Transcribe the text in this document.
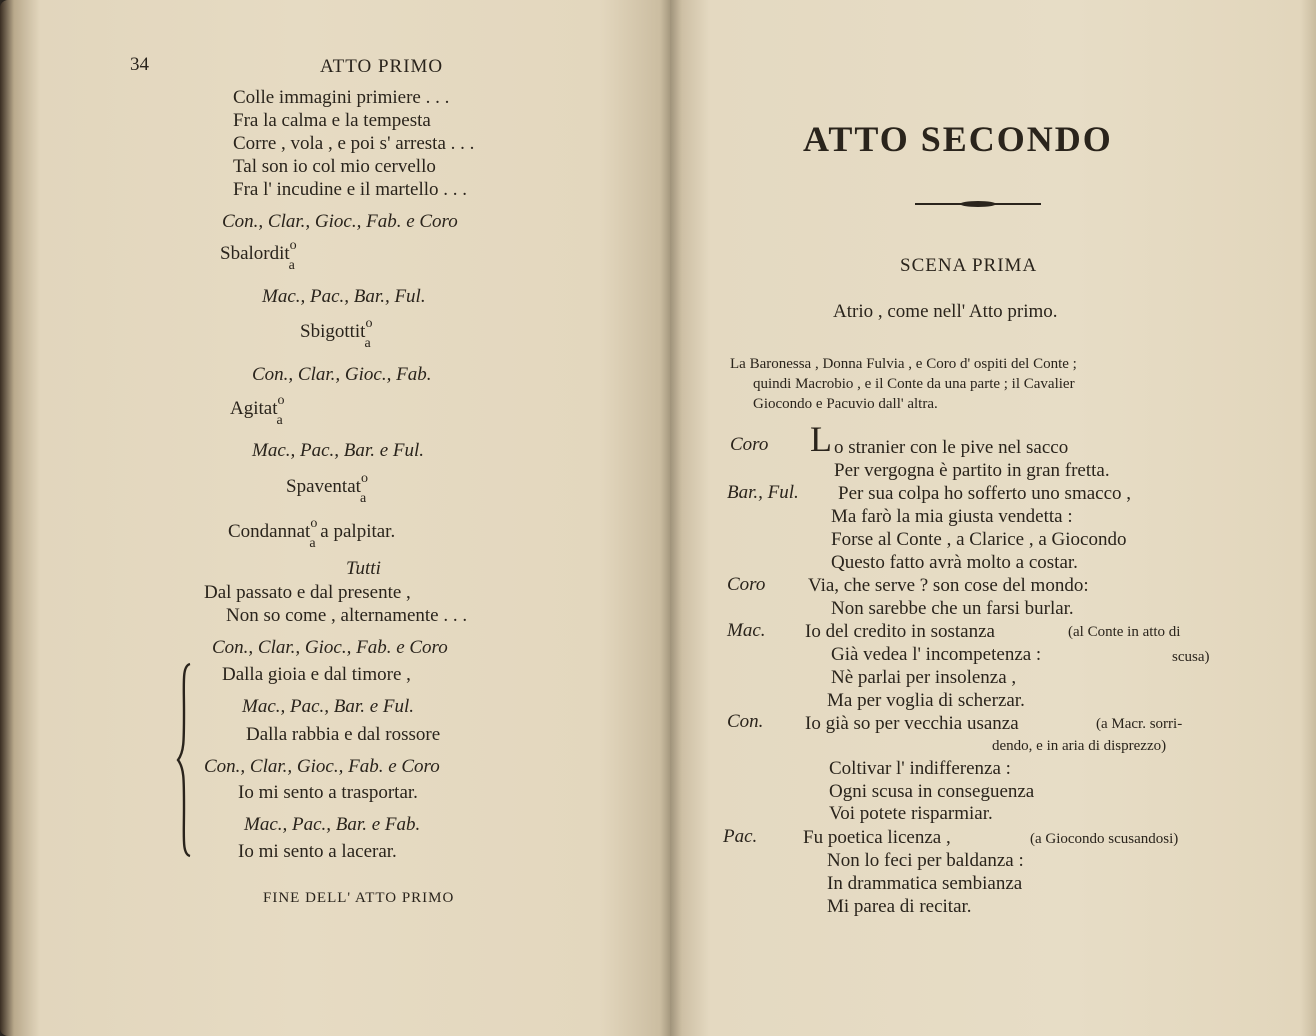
34	ATTO PRIMO
Colle immagini primiere . . .
Fra la calma e la tempesta
Corre , vola , e poi s' arresta . . .
Tal son io col mio cervello
Fra l' incudine e il martello . . .
Con., Clar., Gioc., Fab. e Coro
Sbalordit$^o_a$
Mac., Pac., Bar., Ful.
Sbigottit$^o_a$
Con., Clar., Gioc., Fab.
Agitat$^o_a$
Mac., Pac., Bar. e Ful.
Spaventat$^o_a$
Condannat$^o_a$ a palpitar.
Tutti
Dal passato e dal presente ,
Non so come , alternamente . . .
Con., Clar., Gioc., Fab. e Coro
Dalla gioia e dal timore ,
Mac., Pac., Bar. e Ful.
Dalla rabbia e dal rossore
Con., Clar., Gioc., Fab. e Coro
Io mi sento a trasportar.
Mac., Pac., Bar. e Fab.
Io mi sento a lacerar.
FINE DELL' ATTO PRIMO
ATTO SECONDO
SCENA PRIMA
Atrio , come nell' Atto primo.
La Baronessa , Donna Fulvia , e Coro d' ospiti del Conte ;
quindi Macrobio , e il Conte da una parte ; il Cavalier
Giocondo e Pacuvio dall' altra.
Coro L o stranier con le pive nel sacco
Per vergogna è partito in gran fretta.
Bar., Ful. Per sua colpa ho sofferto uno smacco ,
Ma farò la mia giusta vendetta :
Forse al Conte , a Clarice , a Giocondo
Questo fatto avrà molto a costar.
Coro Via, che serve ? son cose del mondo:
Non sarebbe che un farsi burlar.
Mac. Io del credito in sostanza	(al Conte in atto di
Già vedea l' incompetenza :	scusa)
Nè parlai per insolenza ,
Ma per voglia di scherzar.
Con. Io già so per vecchia usanza	(a Macr. sorri-
dendo, e in aria di disprezzo)
Coltivar l' indifferenza :
Ogni scusa in conseguenza
Voi potete risparmiar.
Pac. Fu poetica licenza ,	(a Giocondo scusandosi)
Non lo feci per baldanza :
In drammatica sembianza
Mi parea di recitar.
